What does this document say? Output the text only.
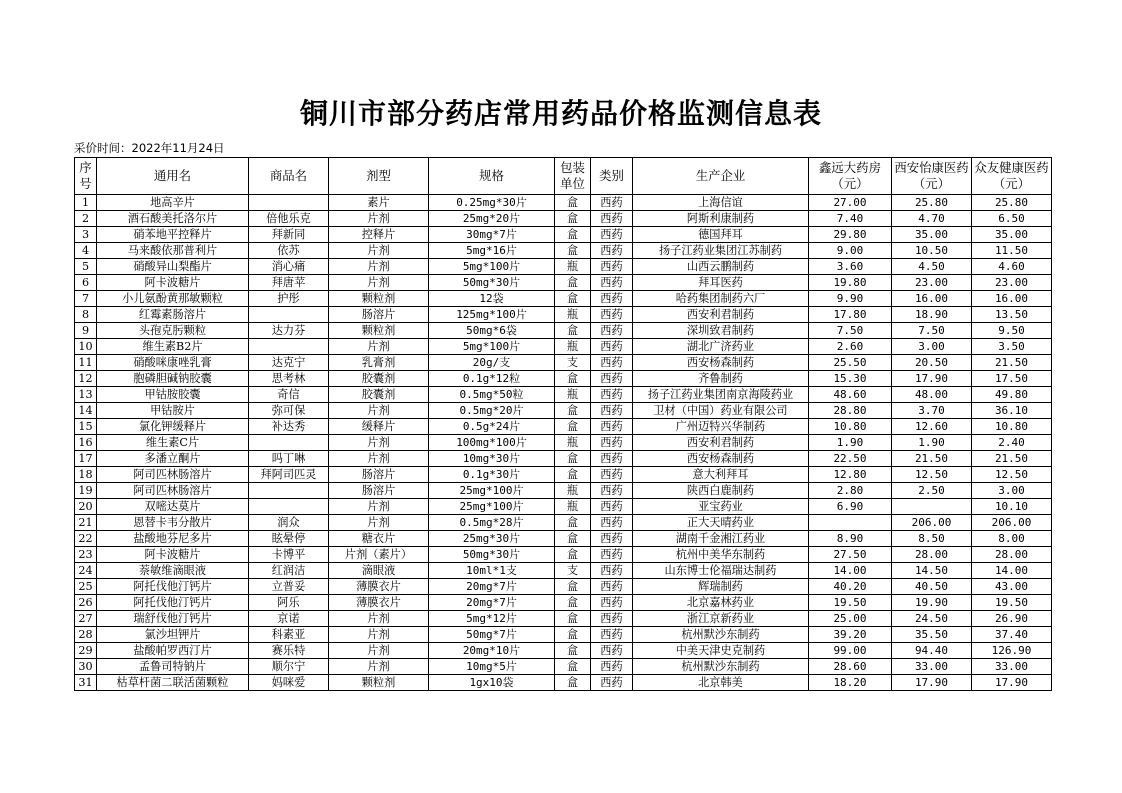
铜川市部分药店常用药品价格监测信息表
采价时间：2022年11月24日
序号	通用名	商品名	剂型	规格	包装单位	类别	生产企业	鑫远大药房（元）	西安怡康医药（元）	众友健康医药（元）
1	地高辛片		素片	0.25mg*30片	盒	西药	上海信谊	27.00	25.80	25.80
2	酒石酸美托洛尔片	倍他乐克	片剂	25mg*20片	盒	西药	阿斯利康制药	7.40	4.70	6.50
3	硝苯地平控释片	拜新同	控释片	30mg*7片	盒	西药	德国拜耳	29.80	35.00	35.00
4	马来酸依那普利片	依苏	片剂	5mg*16片	盒	西药	扬子江药业集团江苏制药	9.00	10.50	11.50
5	硝酸异山梨酯片	消心痛	片剂	5mg*100片	瓶	西药	山西云鹏制药	3.60	4.50	4.60
6	阿卡波糖片	拜唐苹	片剂	50mg*30片	盒	西药	拜耳医药	19.80	23.00	23.00
7	小儿氨酚黄那敏颗粒	护彤	颗粒剂	12袋	盒	西药	哈药集团制药六厂	9.90	16.00	16.00
8	红霉素肠溶片		肠溶片	125mg*100片	瓶	西药	西安利君制药	17.80	18.90	13.50
9	头孢克肟颗粒	达力芬	颗粒剂	50mg*6袋	盒	西药	深圳致君制药	7.50	7.50	9.50
10	维生素B2片		片剂	5mg*100片	瓶	西药	湖北广济药业	2.60	3.00	3.50
11	硝酸咪康唑乳膏	达克宁	乳膏剂	20g/支	支	西药	西安杨森制药	25.50	20.50	21.50
12	胞磷胆碱钠胶囊	思考林	胶囊剂	0.1g*12粒	盒	西药	齐鲁制药	15.30	17.90	17.50
13	甲钴胺胶囊	奇信	胶囊剂	0.5mg*50粒	瓶	西药	扬子江药业集团南京海陵药业	48.60	48.00	49.80
14	甲钴胺片	弥可保	片剂	0.5mg*20片	盒	西药	卫材（中国）药业有限公司	28.80	3.70	36.10
15	氯化钾缓释片	补达秀	缓释片	0.5g*24片	盒	西药	广州迈特兴华制药	10.80	12.60	10.80
16	维生素C片		片剂	100mg*100片	瓶	西药	西安利君制药	1.90	1.90	2.40
17	多潘立酮片	吗丁啉	片剂	10mg*30片	盒	西药	西安杨森制药	22.50	21.50	21.50
18	阿司匹林肠溶片	拜阿司匹灵	肠溶片	0.1g*30片	盒	西药	意大利拜耳	12.80	12.50	12.50
19	阿司匹林肠溶片		肠溶片	25mg*100片	瓶	西药	陕西白鹿制药	2.80	2.50	3.00
20	双嘧达莫片		片剂	25mg*100片	瓶	西药	亚宝药业	6.90		10.10
21	恩替卡韦分散片	润众	片剂	0.5mg*28片	盒	西药	正大天晴药业		206.00	206.00
22	盐酸地芬尼多片	眩晕停	糖衣片	25mg*30片	盒	西药	湖南千金湘江药业	8.90	8.50	8.00
23	阿卡波糖片	卡博平	片剂（素片）	50mg*30片	盒	西药	杭州中美华东制药	27.50	28.00	28.00
24	萘敏维滴眼液	红润洁	滴眼液	10ml*1支	支	西药	山东博士伦福瑞达制药	14.00	14.50	14.00
25	阿托伐他汀钙片	立普妥	薄膜衣片	20mg*7片	盒	西药	辉瑞制药	40.20	40.50	43.00
26	阿托伐他汀钙片	阿乐	薄膜衣片	20mg*7片	盒	西药	北京嘉林药业	19.50	19.90	19.50
27	瑞舒伐他汀钙片	京诺	片剂	5mg*12片	盒	西药	浙江京新药业	25.00	24.50	26.90
28	氯沙坦钾片	科素亚	片剂	50mg*7片	盒	西药	杭州默沙东制药	39.20	35.50	37.40
29	盐酸帕罗西汀片	赛乐特	片剂	20mg*10片	盒	西药	中美天津史克制药	99.00	94.40	126.90
30	孟鲁司特钠片	顺尔宁	片剂	10mg*5片	盒	西药	杭州默沙东制药	28.60	33.00	33.00
31	枯草杆菌二联活菌颗粒	妈咪爱	颗粒剂	1gx10袋	盒	西药	北京韩美	18.20	17.90	17.90
